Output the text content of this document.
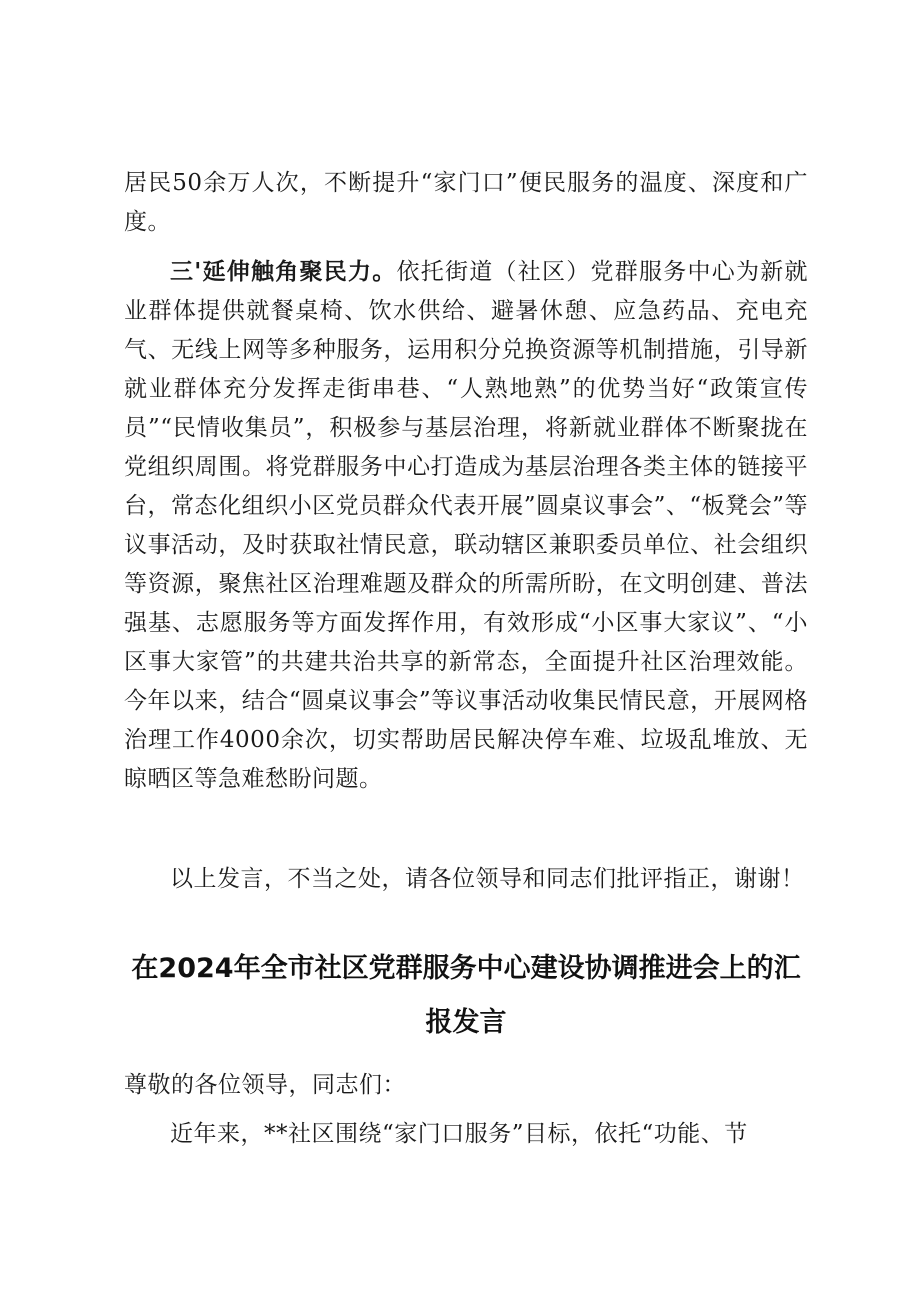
居民50余万人次，不断提升“家门口”便民服务的温度、深度和广度。

三'延伸触角聚民力。依托街道（社区）党群服务中心为新就业群体提供就餐桌椅、饮水供给、避暑休憩、应急药品、充电充气、无线上网等多种服务，运用积分兑换资源等机制措施，引导新就业群体充分发挥走街串巷、“人熟地熟”的优势当好“政策宣传员”“民情收集员”，积极参与基层治理，将新就业群体不断聚拢在党组织周围。将党群服务中心打造成为基层治理各类主体的链接平台，常态化组织小区党员群众代表开展”圆桌议事会”、“板凳会”等议事活动，及时获取社情民意，联动辖区兼职委员单位、社会组织等资源，聚焦社区治理难题及群众的所需所盼，在文明创建、普法强基、志愿服务等方面发挥作用，有效形成“小区事大家议”、“小区事大家管”的共建共治共享的新常态，全面提升社区治理效能。今年以来，结合“圆桌议事会”等议事活动收集民情民意，开展网格治理工作4000余次，切实帮助居民解决停车难、垃圾乱堆放、无晾晒区等急难愁盼问题。

以上发言，不当之处，请各位领导和同志们批评指正，谢谢！

在2024年全市社区党群服务中心建设协调推进会上的汇报发言

尊敬的各位领导，同志们：

近年来，**社区围绕“家门口服务”目标，依托“功能、节
